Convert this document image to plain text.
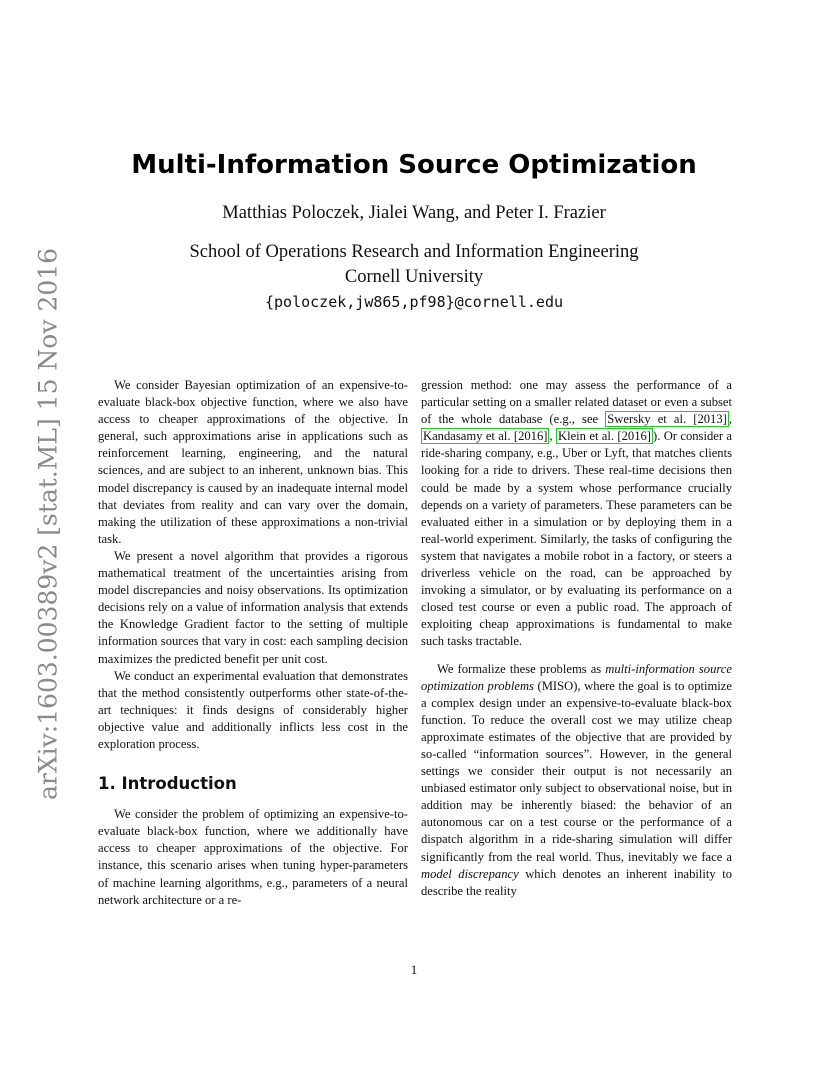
arXiv:1603.00389v2 [stat.ML] 15 Nov 2016
Multi-Information Source Optimization
Matthias Poloczek, Jialei Wang, and Peter I. Frazier
School of Operations Research and Information Engineering
Cornell University
{poloczek,jw865,pf98}@cornell.edu

We consider Bayesian optimization of an expensive-to-evaluate black-box objective function, where we also have access to cheaper approximations of the objective. In general, such approximations arise in applications such as reinforcement learning, engineering, and the natural sciences, and are subject to an inherent, unknown bias. This model discrepancy is caused by an inadequate internal model that deviates from reality and can vary over the domain, making the utilization of these approximations a non-trivial task.

We present a novel algorithm that provides a rigorous mathematical treatment of the uncertainties arising from model discrepancies and noisy observations. Its optimization decisions rely on a value of information analysis that extends the Knowledge Gradient factor to the setting of multiple information sources that vary in cost: each sampling decision maximizes the predicted benefit per unit cost.

We conduct an experimental evaluation that demonstrates that the method consistently outperforms other state-of-the-art techniques: it finds designs of considerably higher objective value and additionally inflicts less cost in the exploration process.

1. Introduction

We consider the problem of optimizing an expensive-to-evaluate black-box function, where we additionally have access to cheaper approximations of the objective. For instance, this scenario arises when tuning hyper-parameters of machine learning algorithms, e.g., parameters of a neural network architecture or a re-

gression method: one may assess the performance of a particular setting on a smaller related dataset or even a subset of the whole database (e.g., see Swersky et al. [2013] , Kandasamy et al. [2016] , Klein et al. [2016] ). Or consider a ride-sharing company, e.g., Uber or Lyft, that matches clients looking for a ride to drivers. These real-time decisions then could be made by a system whose performance crucially depends on a variety of parameters. These parameters can be evaluated either in a simulation or by deploying them in a real-world experiment. Similarly, the tasks of configuring the system that navigates a mobile robot in a factory, or steers a driverless vehicle on the road, can be approached by invoking a simulator, or by evaluating its performance on a closed test course or even a public road. The approach of exploiting cheap approximations is fundamental to make such tasks tractable.

We formalize these problems as multi-information source optimization problems (MISO), where the goal is to optimize a complex design under an expensive-to-evaluate black-box function. To reduce the overall cost we may utilize cheap approximate estimates of the objective that are provided by so-called “information sources”. However, in the general settings we consider their output is not necessarily an unbiased estimator only subject to observational noise, but in addition may be inherently biased: the behavior of an autonomous car on a test course or the performance of a dispatch algorithm in a ride-sharing simulation will differ significantly from the real world. Thus, inevitably we face a model discrepancy which denotes an inherent inability to describe the reality

1
